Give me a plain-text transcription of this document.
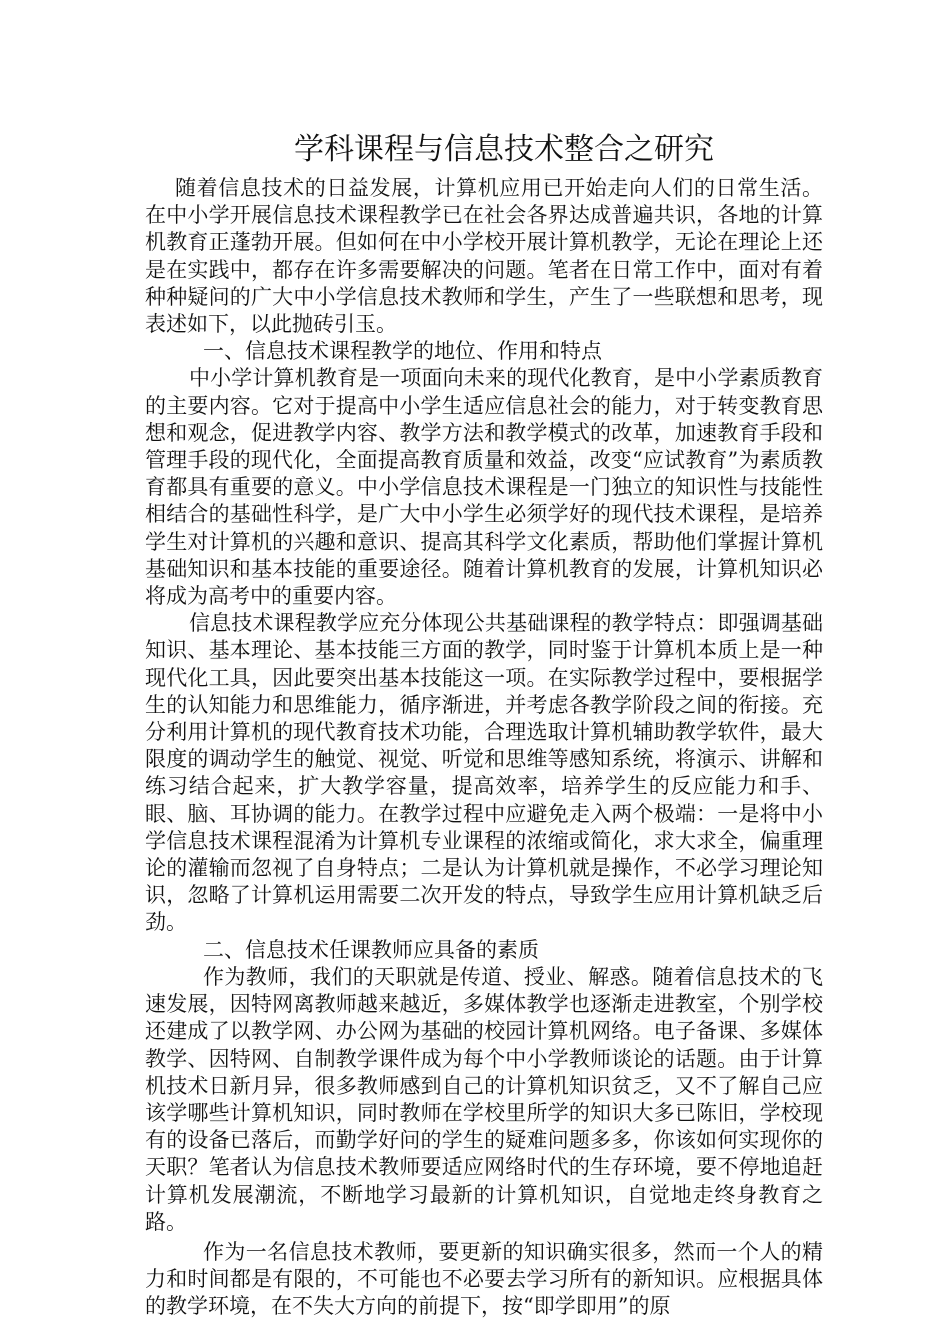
学科课程与信息技术整合之研究

随着信息技术的日益发展，计算机应用已开始走向人们的日常生活。在中小学开展信息技术课程教学已在社会各界达成普遍共识，各地的计算机教育正蓬勃开展。但如何在中小学校开展计算机教学，无论在理论上还是在实践中，都存在许多需要解决的问题。笔者在日常工作中，面对有着种种疑问的广大中小学信息技术教师和学生，产生了一些联想和思考，现表述如下，以此抛砖引玉。

一、信息技术课程教学的地位、作用和特点

中小学计算机教育是一项面向未来的现代化教育，是中小学素质教育的主要内容。它对于提高中小学生适应信息社会的能力，对于转变教育思想和观念，促进教学内容、教学方法和教学模式的改革，加速教育手段和管理手段的现代化，全面提高教育质量和效益，改变“应试教育”为素质教育都具有重要的意义。中小学信息技术课程是一门独立的知识性与技能性相结合的基础性科学，是广大中小学生必须学好的现代技术课程，是培养学生对计算机的兴趣和意识、提高其科学文化素质，帮助他们掌握计算机基础知识和基本技能的重要途径。随着计算机教育的发展，计算机知识必将成为高考中的重要内容。

信息技术课程教学应充分体现公共基础课程的教学特点：即强调基础知识、基本理论、基本技能三方面的教学，同时鉴于计算机本质上是一种现代化工具，因此要突出基本技能这一项。在实际教学过程中，要根据学生的认知能力和思维能力，循序渐进，并考虑各教学阶段之间的衔接。充分利用计算机的现代教育技术功能，合理选取计算机辅助教学软件，最大限度的调动学生的触觉、视觉、听觉和思维等感知系统，将演示、讲解和练习结合起来，扩大教学容量，提高效率，培养学生的反应能力和手、眼、脑、耳协调的能力。在教学过程中应避免走入两个极端：一是将中小学信息技术课程混淆为计算机专业课程的浓缩或简化，求大求全，偏重理论的灌输而忽视了自身特点；二是认为计算机就是操作，不必学习理论知识，忽略了计算机运用需要二次开发的特点，导致学生应用计算机缺乏后劲。

二、信息技术任课教师应具备的素质

作为教师，我们的天职就是传道、授业、解惑。随着信息技术的飞速发展，因特网离教师越来越近，多媒体教学也逐渐走进教室，个别学校还建成了以教学网、办公网为基础的校园计算机网络。电子备课、多媒体教学、因特网、自制教学课件成为每个中小学教师谈论的话题。由于计算机技术日新月异，很多教师感到自己的计算机知识贫乏，又不了解自己应该学哪些计算机知识，同时教师在学校里所学的知识大多已陈旧，学校现有的设备已落后，而勤学好问的学生的疑难问题多多，你该如何实现你的天职？笔者认为信息技术教师要适应网络时代的生存环境，要不停地追赶计算机发展潮流，不断地学习最新的计算机知识，自觉地走终身教育之路。

作为一名信息技术教师，要更新的知识确实很多，然而一个人的精力和时间都是有限的，不可能也不必要去学习所有的新知识。应根据具体的教学环境，在不失大方向的前提下，按“即学即用”的原
